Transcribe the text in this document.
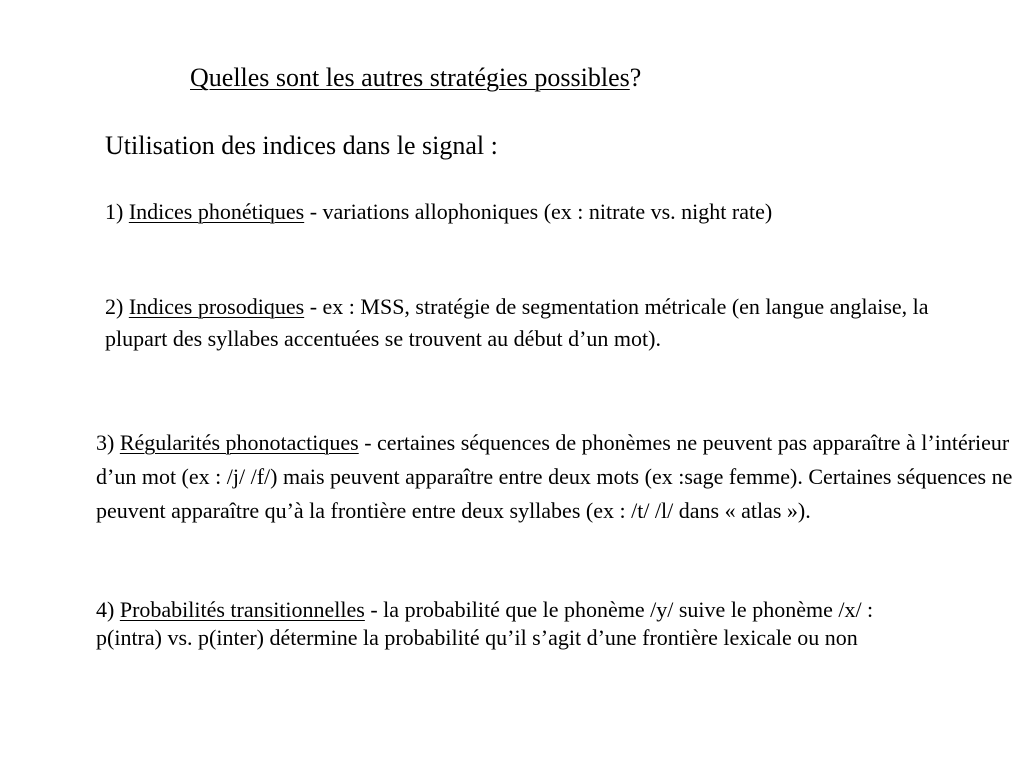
Quelles sont les autres stratégies possibles?

Utilisation des indices dans le signal :

1) Indices phonétiques - variations allophoniques (ex : nitrate vs. night rate)

2) Indices prosodiques - ex : MSS, stratégie de segmentation métricale (en langue anglaise, la plupart des syllabes accentuées se trouvent au début d’un mot).

3) Régularités phonotactiques - certaines séquences de phonèmes ne peuvent pas apparaître à l’intérieur d’un mot (ex : /j/ /f/) mais peuvent apparaître entre deux mots (ex :sage femme). Certaines séquences ne peuvent apparaître qu’à la frontière entre deux syllabes (ex : /t/ /l/ dans « atlas »).

4) Probabilités transitionnelles - la probabilité que le phonème /y/ suive le phonème /x/ :
p(intra) vs. p(inter) détermine la probabilité qu’il s’agit d’une frontière lexicale ou non
